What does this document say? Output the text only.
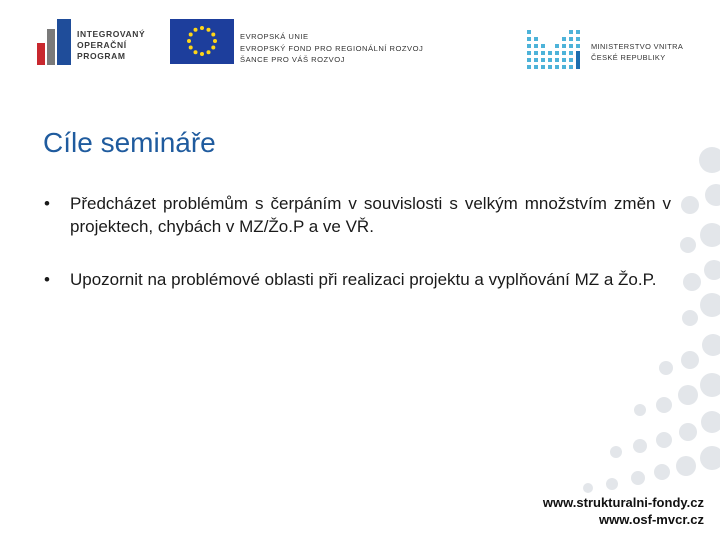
INTEGROVANÝ
OPERAČNÍ
PROGRAM
EVROPSKÁ UNIE
EVROPSKÝ FOND PRO REGIONÁLNÍ ROZVOJ
ŠANCE PRO VÁŠ ROZVOJ
MINISTERSTVO VNITRA
ČESKÉ REPUBLIKY
Cíle semináře
•	Předcházet problémům s čerpáním v souvislosti s velkým množstvím změn v projektech, chybách v MZ/Žo.P a ve VŘ.
•	Upozornit na problémové oblasti při realizaci projektu a vyplňování MZ a Žo.P.
www.strukturalni-fondy.cz
www.osf-mvcr.cz
